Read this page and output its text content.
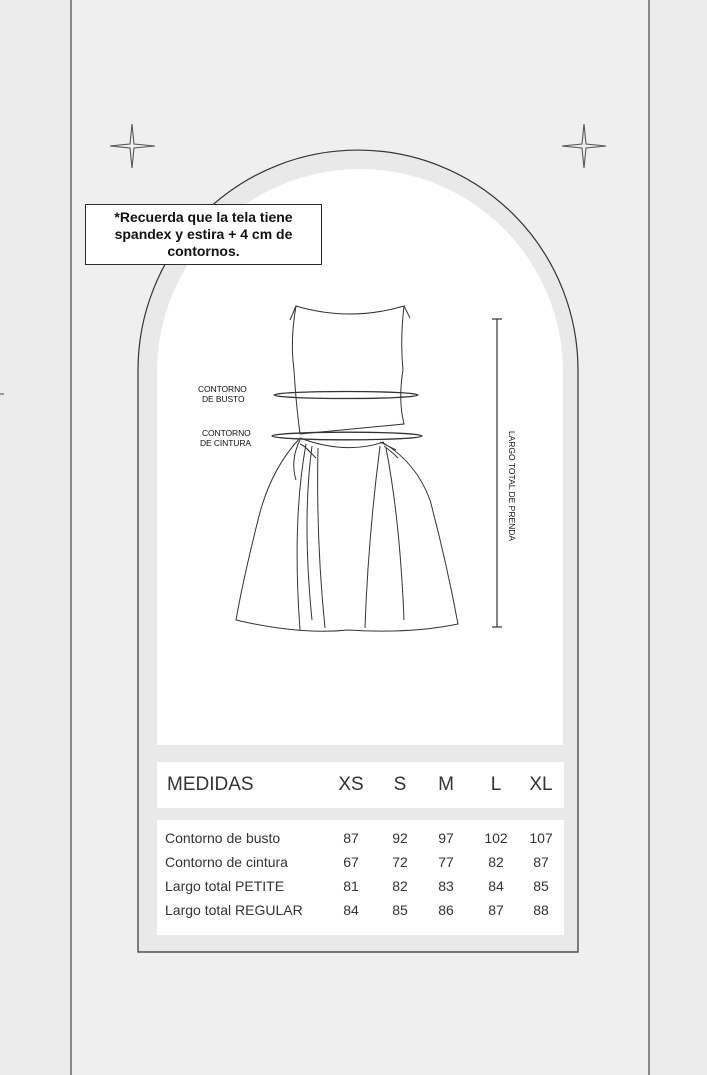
*Recuerda que la tela tiene
spandex y estira + 4 cm de
contornos.
CONTORNO
DE BUSTO
CONTORNO
DE CINTURA	LARGO TOTAL DE PRENDA
MEDIDAS	XS	S	M	L	XL
Contorno de busto	87	92	97	102	107
Contorno de cintura	67	72	77	82	87
Largo total PETITE	81	82	83	84	85
Largo total REGULAR	84	85	86	87	88
